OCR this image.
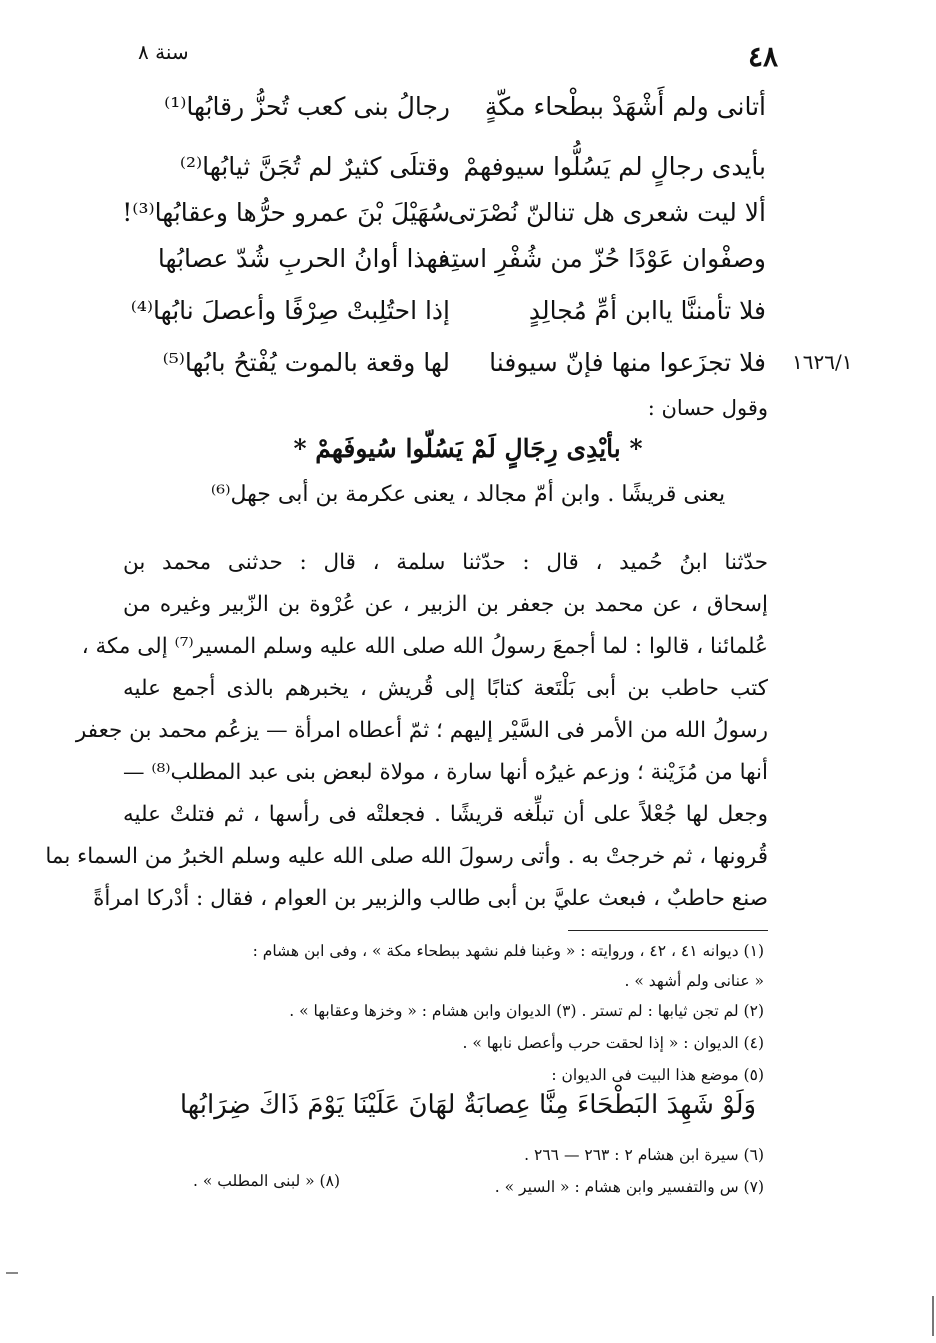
٤٨
سنة ٨
أتانى ولم أَشْهَدْ ببطْحاء مكّةٍ
رجالُ بنى كعب تُحزُّ رقابُها⁽¹⁾
بأيدى رجالٍ لم يَسُلُّوا سيوفهمْ
وقتلَى كثيرٌ لم تُجَنَّ ثيابُها⁽²⁾
ألا ليت شعرى هل تنالنّ نُصْرَتى
سُهَيْلَ بْنَ عمرو حرُّها وعقابُها⁽³⁾!
وصفْوان عَوْدًا حُزّ من شُفْرِ استِه
فهذا أوانُ الحربِ شُدّ عصابُها
فلا تأمننَّا ياابن أمِّ مُجالِدٍ
إذا احتُلِبتْ صِرْفًا وأعصلَ نابُها⁽⁴⁾
فلا تجزَعوا منها فإنّ سيوفنا
لها وقعة بالموت يُفْتحُ بابُها⁽⁵⁾	١٦٢٦/١
وقول حسان :
* بأيْدِى رِجَالٍ لَمْ يَسُلّوا سُيوفَهمْ *
يعنى قريشًا . وابن أمّ مجالد ، يعنى عكرمة بن أبى جهل⁽⁶⁾
حدّثنا ابنُ حُميد ، قال : حدّثنا سلمة ، قال : حدثنى محمد بن
إسحاق ، عن محمد بن جعفر بن الزبير ، عن عُرْوة بن الزّبير وغيره من
عُلمائنا ، قالوا : لما أجمعَ رسولُ الله صلى الله عليه وسلم المسير⁽⁷⁾ إلى مكة ،
كتب حاطب بن أبى بَلْتَعة كتابًا إلى قُريش ، يخبرهم بالذى أجمع عليه
رسولُ الله من الأمر فى السَّيْر إليهم ؛ ثمّ أعطاه امرأة — يزعُم محمد بن جعفر
أنها من مُزَيْنة ؛ وزعم غيرُه أنها سارة ، مولاة لبعض بنى عبد المطلب⁽⁸⁾ —
وجعل لها جُعْلاً على أن تبلِّغه قريشًا . فجعلتْه فى رأسها ، ثم فتلتْ عليه
قُرونها ، ثم خرجتْ به . وأتى رسولَ الله صلى الله عليه وسلم الخبرُ من السماء بما
صنع حاطبٌ ، فبعث عليَّ بن أبى طالب والزبير بن العوام ، فقال : أدْركا امرأةً
(١) ديوانه ٤١ ، ٤٢ ، وروايته : « وغبنا فلم نشهد ببطحاء مكة » ، وفى ابن هشام :
« عنانى ولم أشهد » .
(٢) لم تجن ثيابها : لم تستر . (٣) الديوان وابن هشام : « وخزها وعقابها » .
(٤) الديوان : « إذا لحقت حرب وأعصل نابها » .
(٥) موضع هذا البيت فى الديوان :
وَلَوْ شَهِدَ البَطْحَاءَ مِنَّا عِصابَةٌ لهَانَ عَلَيْنَا يَوْمَ ذَاكَ ضِرَابُها
(٦) سيرة ابن هشام ٢ : ٢٦٣ — ٢٦٦ .
(٧) س والتفسير وابن هشام : « السير » .
(٨) « لبنى المطلب » .
